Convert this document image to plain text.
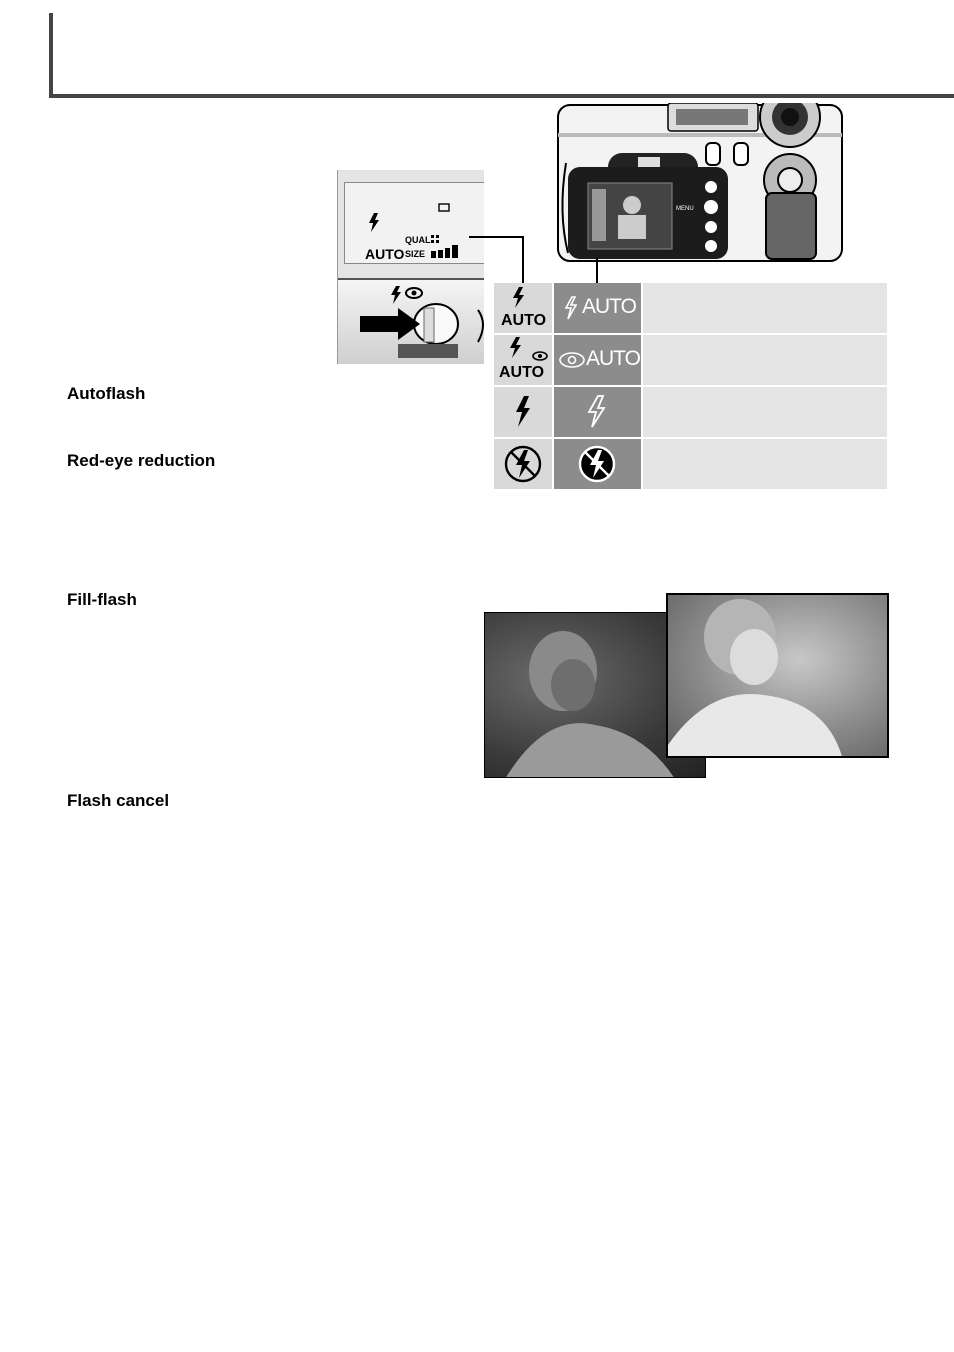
QUAL
AUTO SIZE
MENU
AUTO
AUTO
AUTO
AUTO
Autoflash
Red-eye reduction
Fill-flash
Flash cancel
